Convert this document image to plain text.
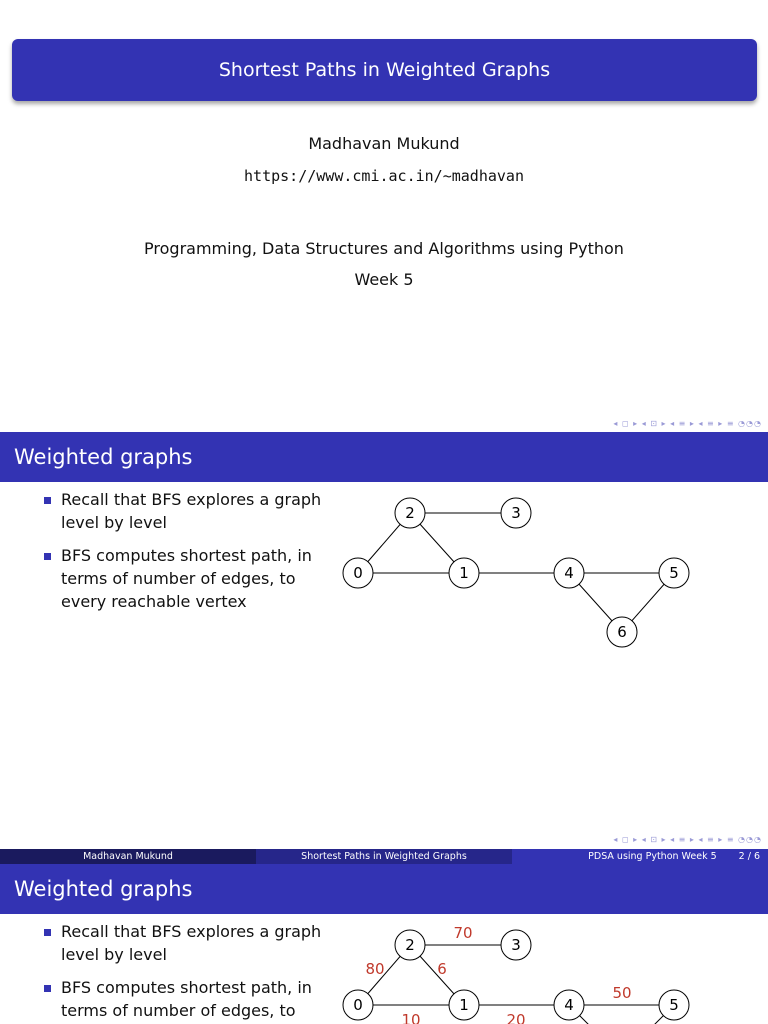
Shortest Paths in Weighted Graphs
Madhavan Mukund
https://www.cmi.ac.in/~madhavan
Programming, Data Structures and Algorithms using Python
Week 5
◂ ◻ ▸ ◂ ⊡ ▸ ◂ ≡ ▸ ◂ ≡ ▸ ≡ ◔◔◔
Weighted graphs
Recall that BFS explores a graph level by level
BFS computes shortest path, in terms of number of edges, to every reachable vertex
0	1
2	3
4	5
6
◂ ◻ ▸ ◂ ⊡ ▸ ◂ ≡ ▸ ◂ ≡ ▸ ≡ ◔◔◔
Madhavan Mukund	Shortest Paths in Weighted Graphs	PDSA using Python Week 5 2 / 6
Weighted graphs
Recall that BFS explores a graph level by level
BFS computes shortest path, in terms of number of edges, to
70
80	6
10	20
50
0	1
2	3
4	5
